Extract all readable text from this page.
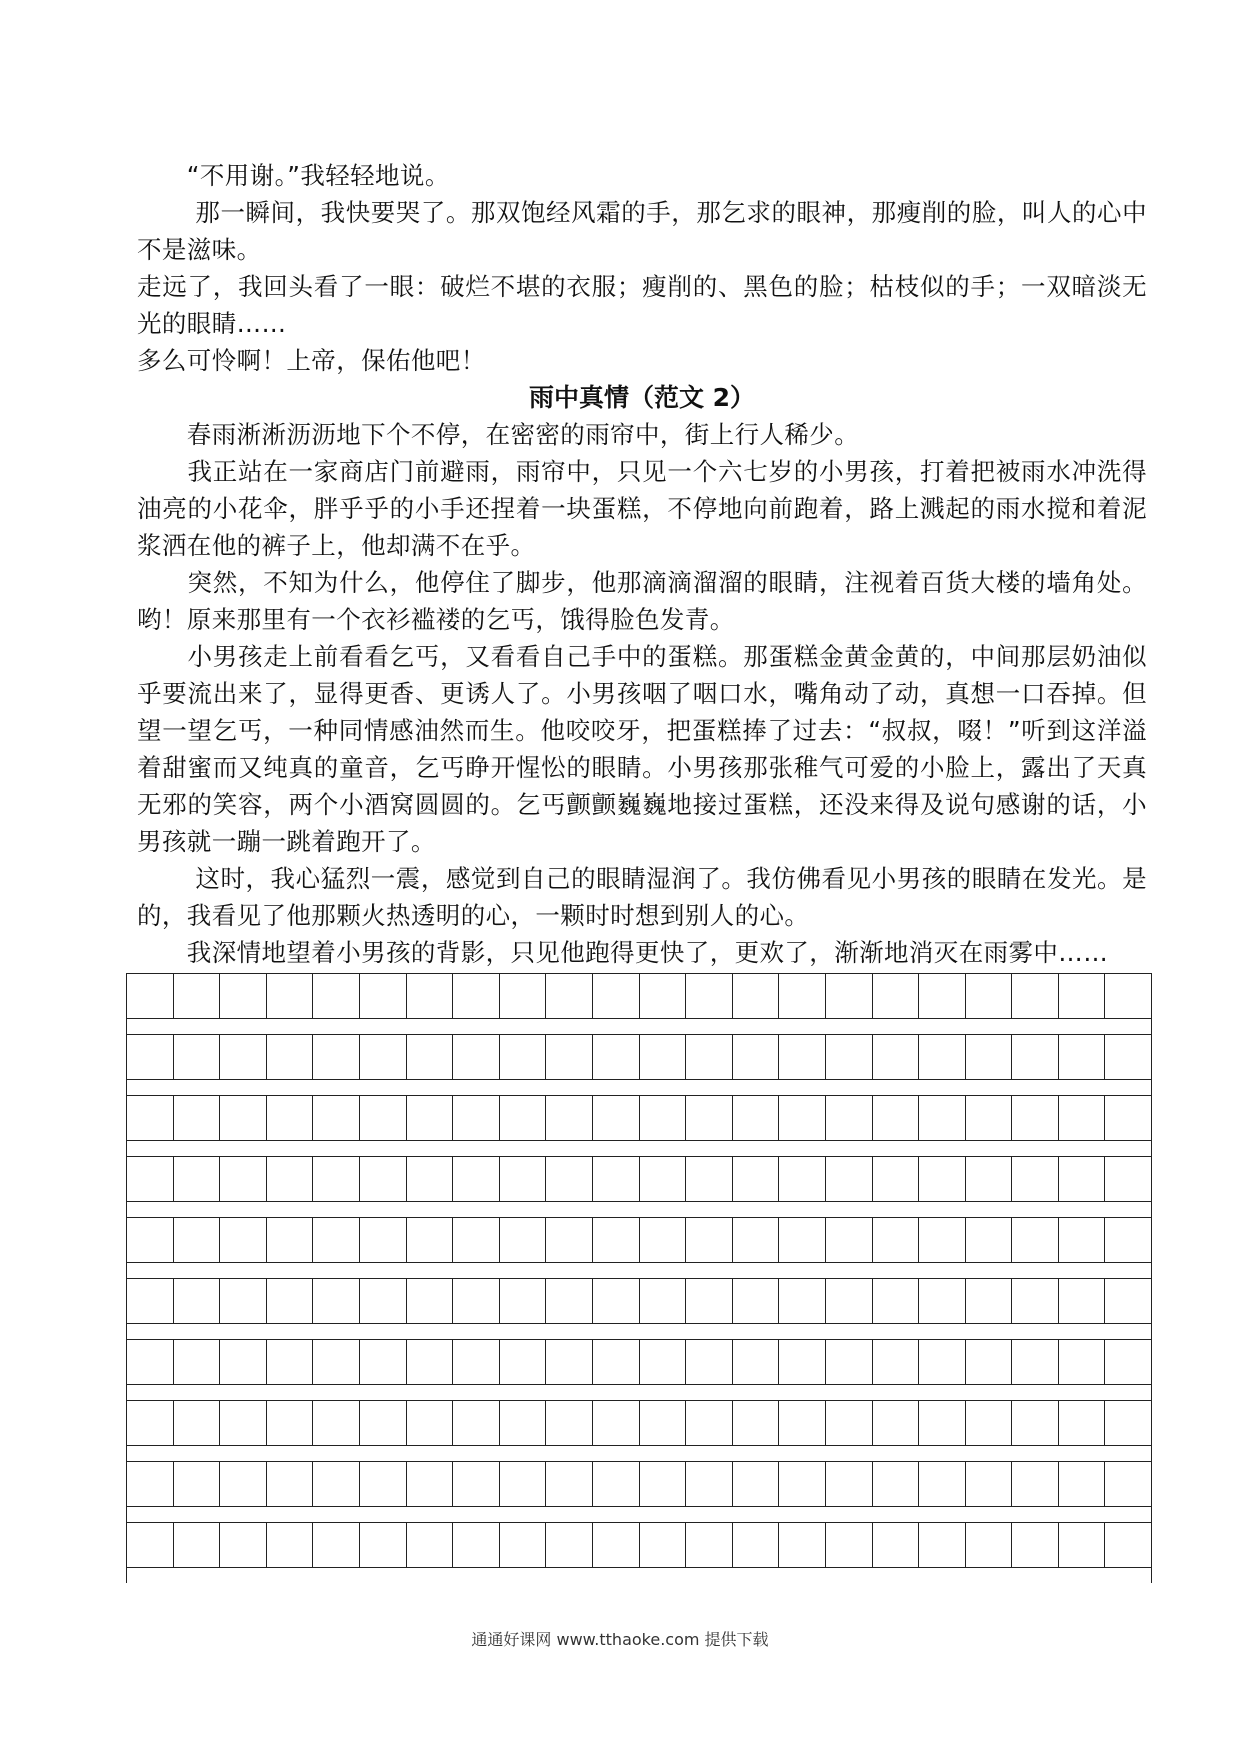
　　“不用谢。”我轻轻地说。

　　 那一瞬间，我快要哭了。那双饱经风霜的手，那乞求的眼神，那瘦削的脸，叫人的心中不是滋味。

走远了，我回头看了一眼：破烂不堪的衣服；瘦削的、黑色的脸；枯枝似的手；一双暗淡无光的眼睛……

多么可怜啊！上帝，保佑他吧！

雨中真情（范文 2）

　　春雨淅淅沥沥地下个不停，在密密的雨帘中，街上行人稀少。

　　我正站在一家商店门前避雨，雨帘中，只见一个六七岁的小男孩，打着把被雨水冲洗得油亮的小花伞，胖乎乎的小手还捏着一块蛋糕，不停地向前跑着，路上溅起的雨水搅和着泥浆洒在他的裤子上，他却满不在乎。

　　突然，不知为什么，他停住了脚步，他那滴滴溜溜的眼睛，注视着百货大楼的墙角处。哟！原来那里有一个衣衫褴褛的乞丐，饿得脸色发青。

　　小男孩走上前看看乞丐，又看看自己手中的蛋糕。那蛋糕金黄金黄的，中间那层奶油似乎要流出来了，显得更香、更诱人了。小男孩咽了咽口水，嘴角动了动，真想一口吞掉。但望一望乞丐，一种同情感油然而生。他咬咬牙，把蛋糕捧了过去：“叔叔，啜！”听到这洋溢着甜蜜而又纯真的童音，乞丐睁开惺忪的眼睛。小男孩那张稚气可爱的小脸上，露出了天真无邪的笑容，两个小酒窝圆圆的。乞丐颤颤巍巍地接过蛋糕，还没来得及说句感谢的话，小男孩就一蹦一跳着跑开了。

　　 这时，我心猛烈一震，感觉到自己的眼睛湿润了。我仿佛看见小男孩的眼睛在发光。是的，我看见了他那颗火热透明的心，一颗时时想到别人的心。

　　我深情地望着小男孩的背影，只见他跑得更快了，更欢了，渐渐地消灭在雨雾中……

通通好课网 www.tthaoke.com 提供下载
